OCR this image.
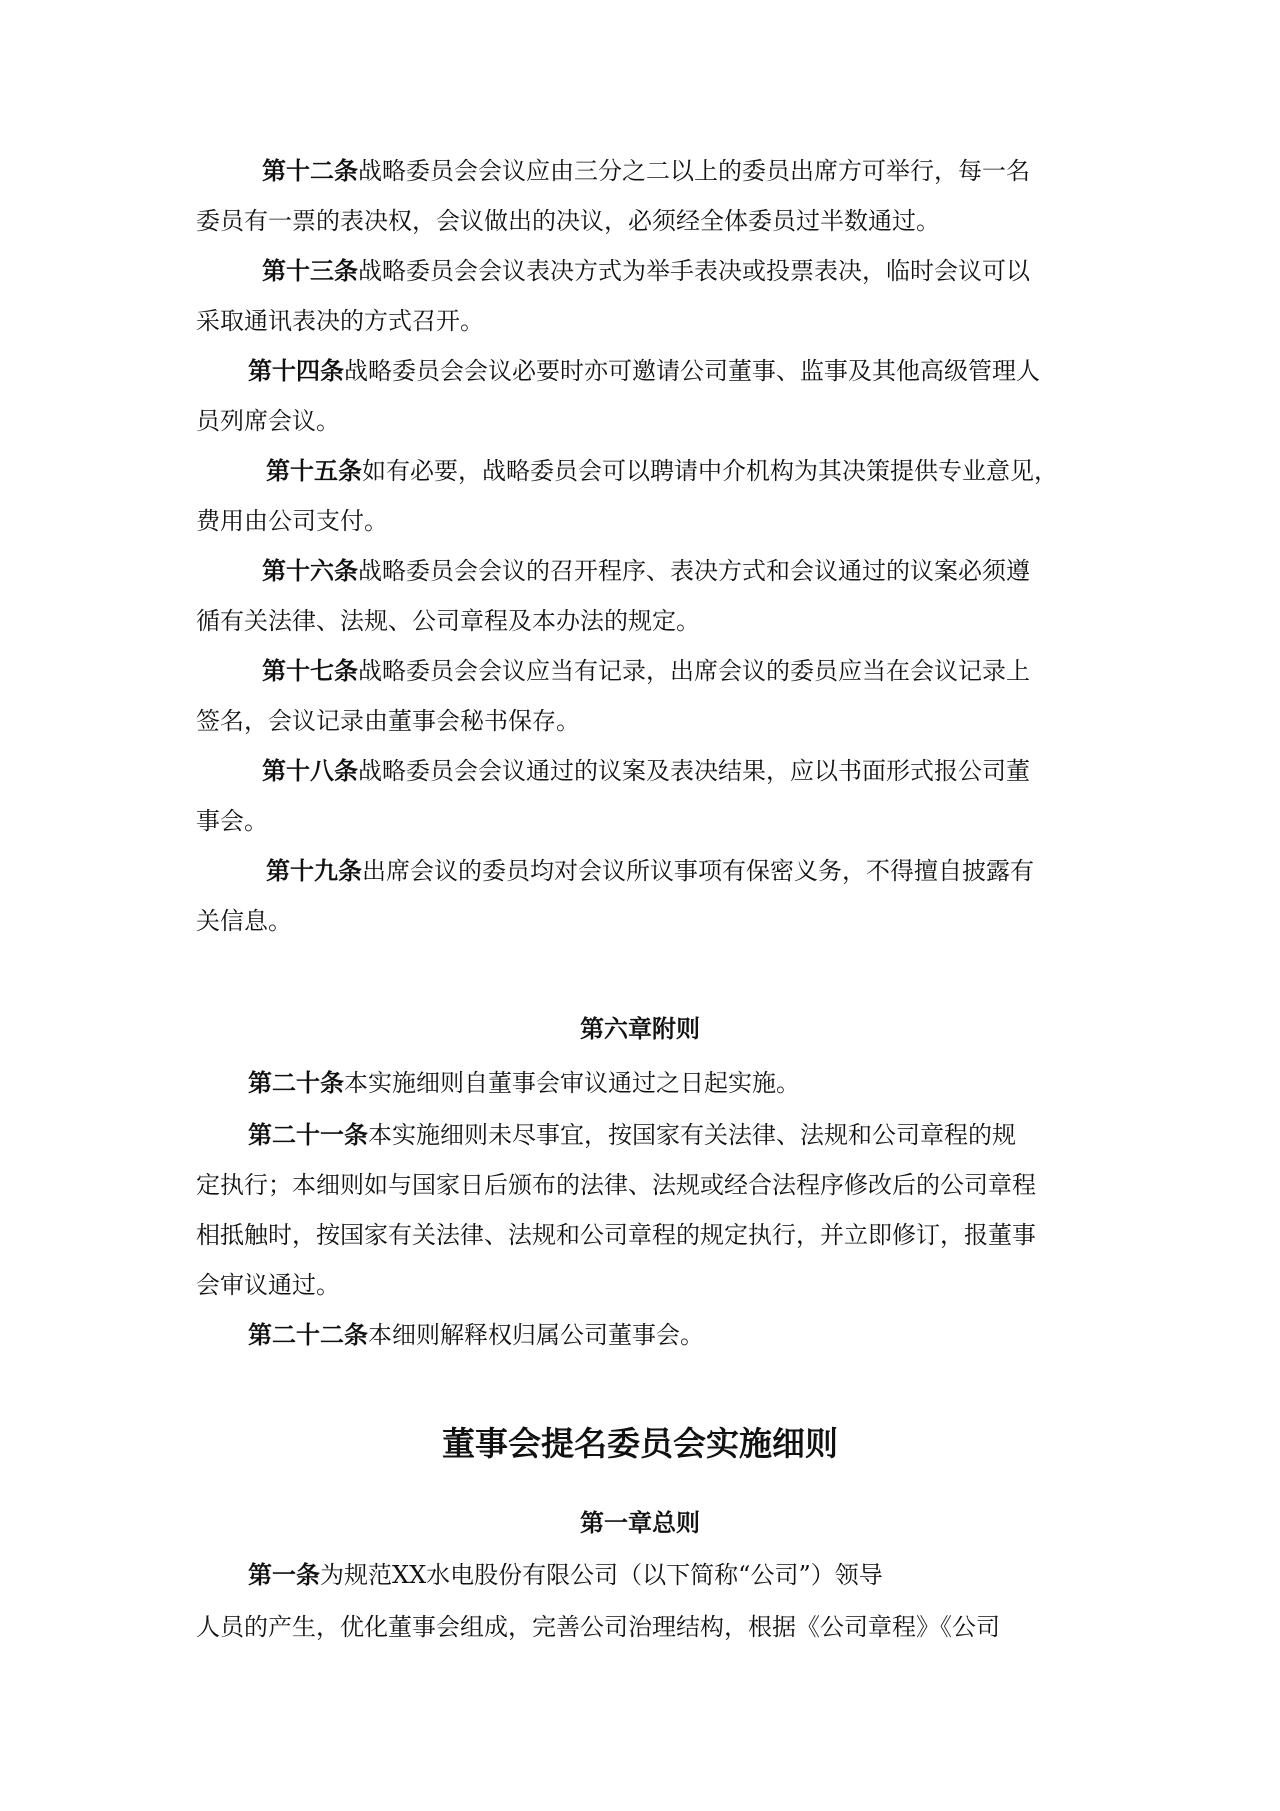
第十二条战略委员会会议应由三分之二以上的委员出席方可举行，每一名
委员有一票的表决权，会议做出的决议，必须经全体委员过半数通过。
第十三条战略委员会会议表决方式为举手表决或投票表决，临时会议可以
采取通讯表决的方式召开。
第十四条战略委员会会议必要时亦可邀请公司董事、监事及其他高级管理人
员列席会议。
第十五条如有必要，战略委员会可以聘请中介机构为其决策提供专业意见，
费用由公司支付。
第十六条战略委员会会议的召开程序、表决方式和会议通过的议案必须遵
循有关法律、法规、公司章程及本办法的规定。
第十七条战略委员会会议应当有记录，出席会议的委员应当在会议记录上
签名，会议记录由董事会秘书保存。
第十八条战略委员会会议通过的议案及表决结果，应以书面形式报公司董
事会。
第十九条出席会议的委员均对会议所议事项有保密义务，不得擅自披露有
关信息。
第六章附则
第二十条本实施细则自董事会审议通过之日起实施。
第二十一条本实施细则未尽事宜，按国家有关法律、法规和公司章程的规
定执行；本细则如与国家日后颁布的法律、法规或经合法程序修改后的公司章程
相抵触时，按国家有关法律、法规和公司章程的规定执行，并立即修订，报董事
会审议通过。
第二十二条本细则解释权归属公司董事会。
董事会提名委员会实施细则
第一章总则
第一条为规范XX水电股份有限公司（以下简称“公司”）领导
人员的产生，优化董事会组成，完善公司治理结构，根据《公司章程》《公司
